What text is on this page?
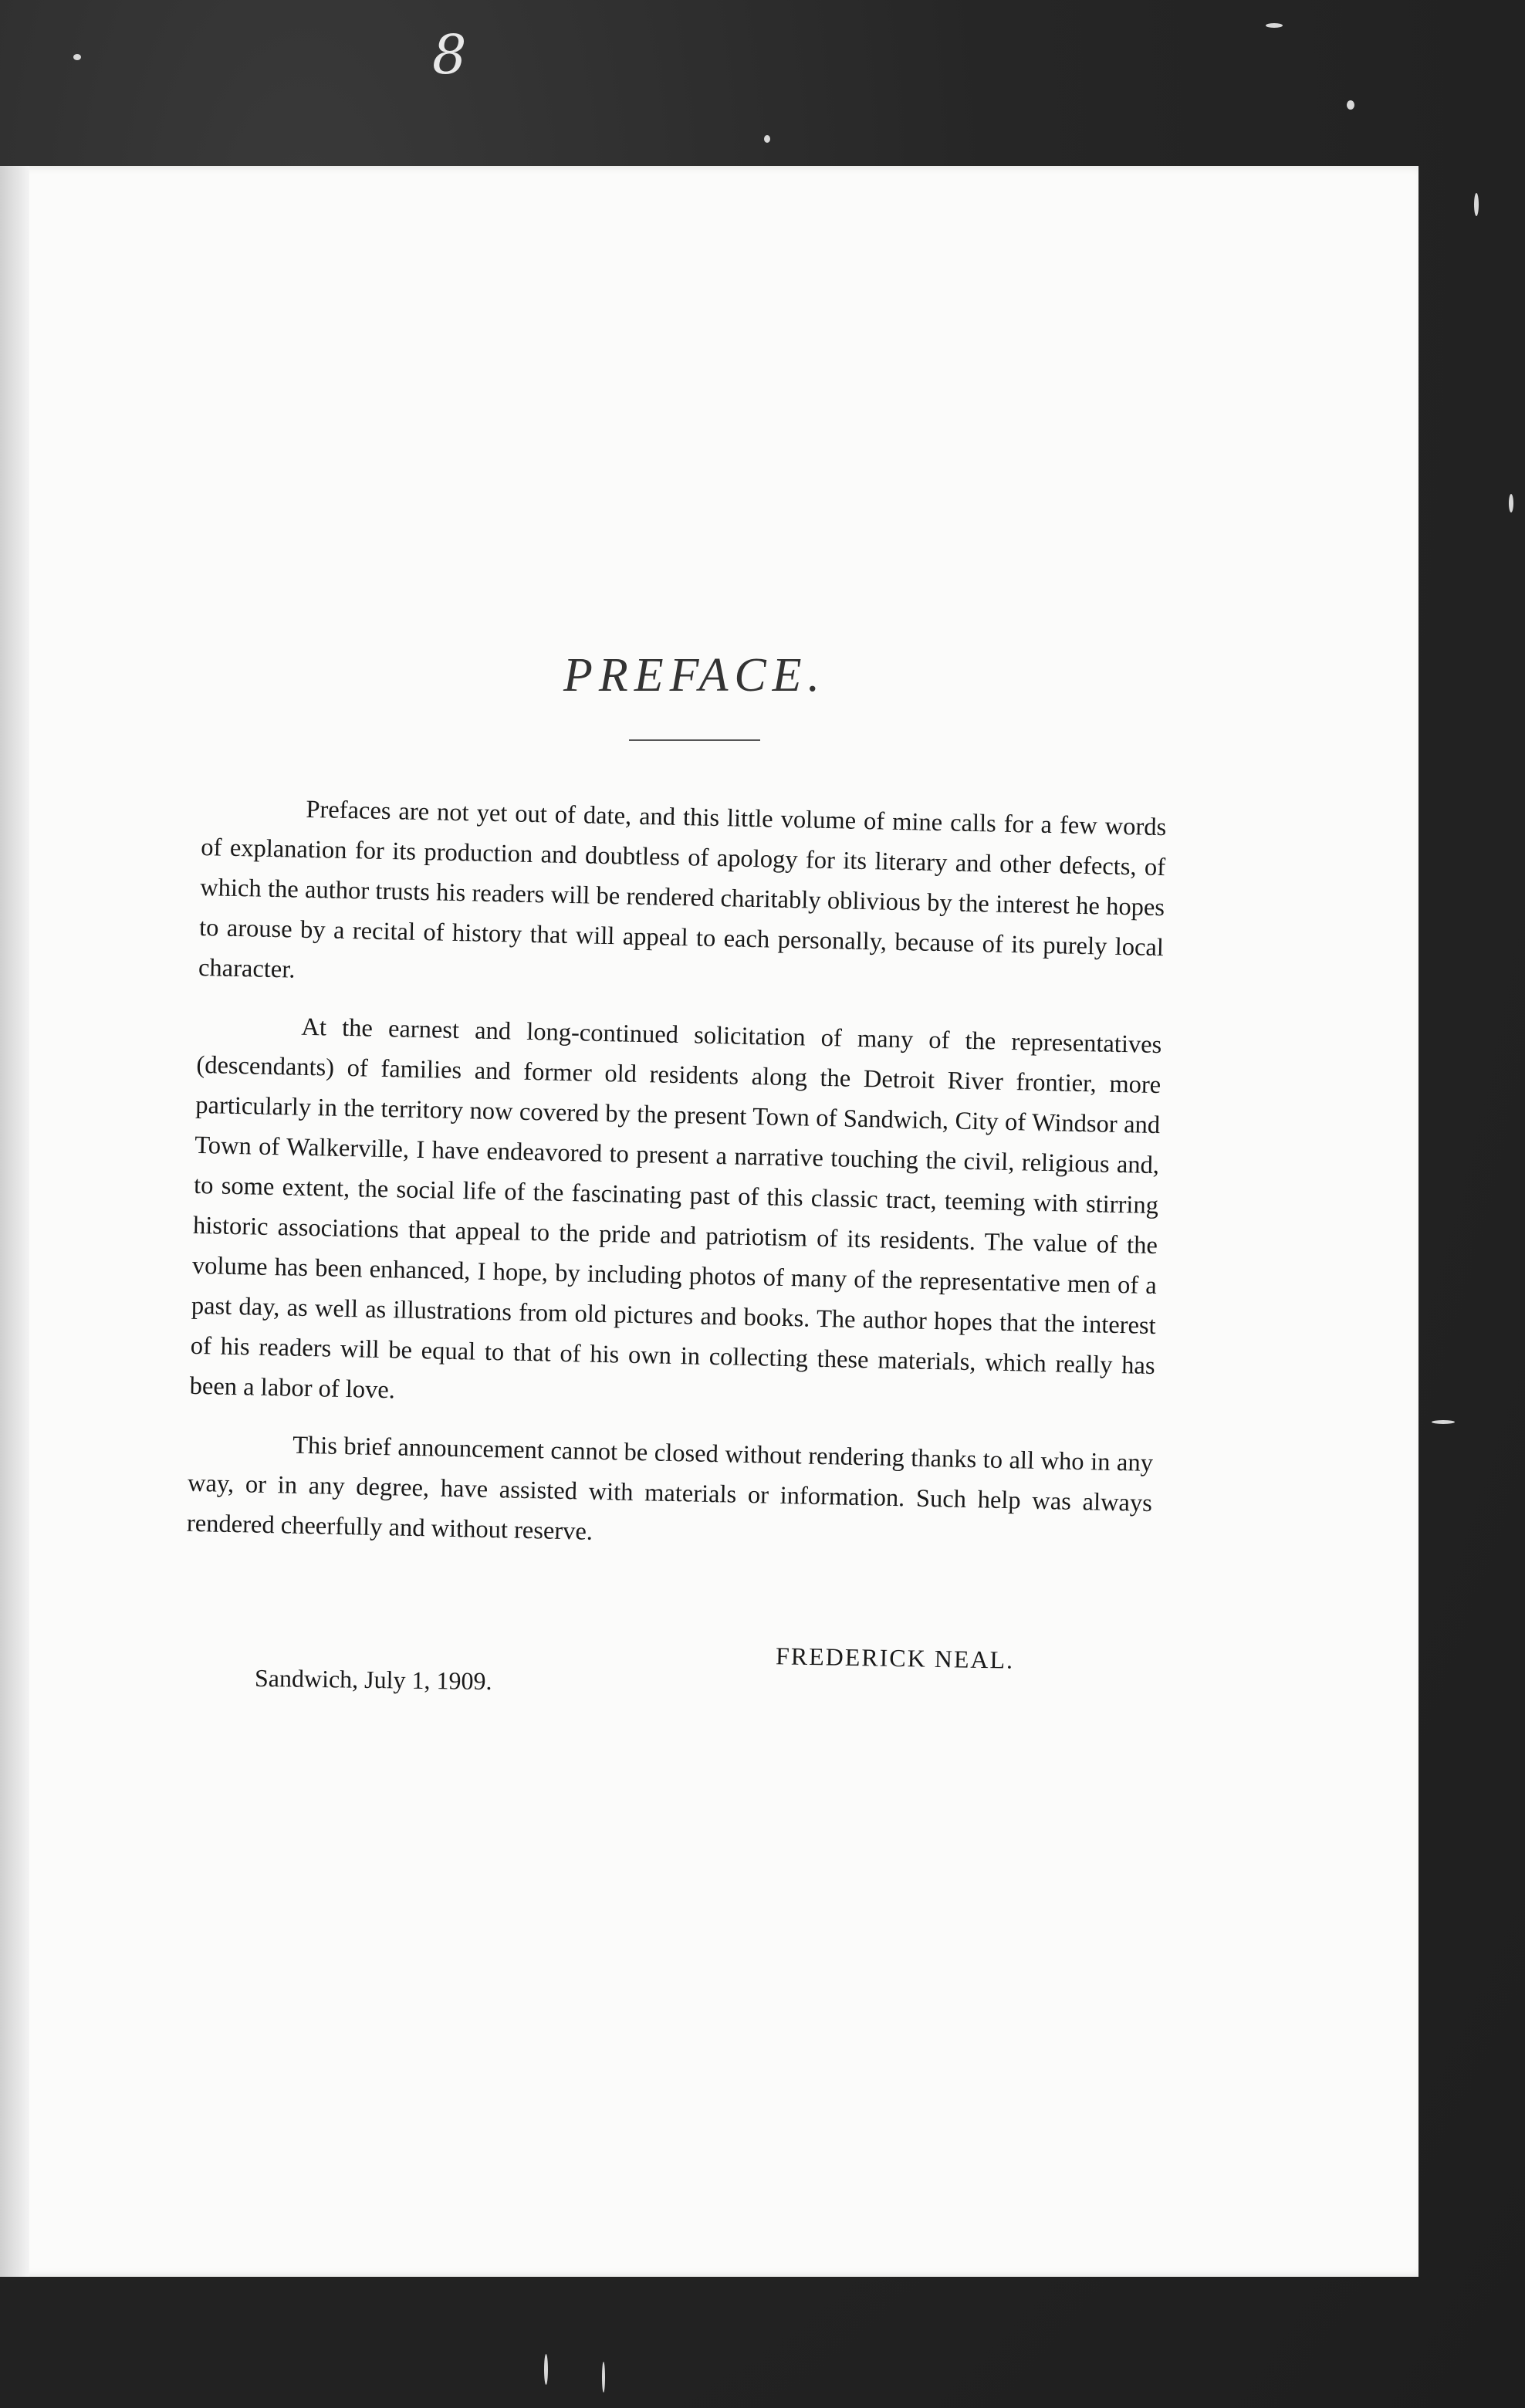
8
PREFACE.

Prefaces are not yet out of date, and this little volume of mine calls for a few words of explanation for its production and doubtless of apology for its literary and other defects, of which the author trusts his readers will be rendered charitably oblivious by the interest he hopes to arouse by a recital of history that will appeal to each personally, because of its purely local character.

At the earnest and long-continued solicitation of many of the representatives (descendants) of families and former old residents along the Detroit River frontier, more particularly in the territory now covered by the present Town of Sandwich, City of Windsor and Town of Walkerville, I have endeavored to present a narrative touching the civil, religious and, to some extent, the social life of the fascinating past of this classic tract, teeming with stirring historic associations that appeal to the pride and patriotism of its residents. The value of the volume has been enhanced, I hope, by including photos of many of the representative men of a past day, as well as illustrations from old pictures and books. The author hopes that the interest of his readers will be equal to that of his own in collecting these materials, which really has been a labor of love.

This brief announcement cannot be closed without rendering thanks to all who in any way, or in any degree, have assisted with materials or information. Such help was always rendered cheerfully and without reserve.

FREDERICK NEAL.
Sandwich, July 1, 1909.
